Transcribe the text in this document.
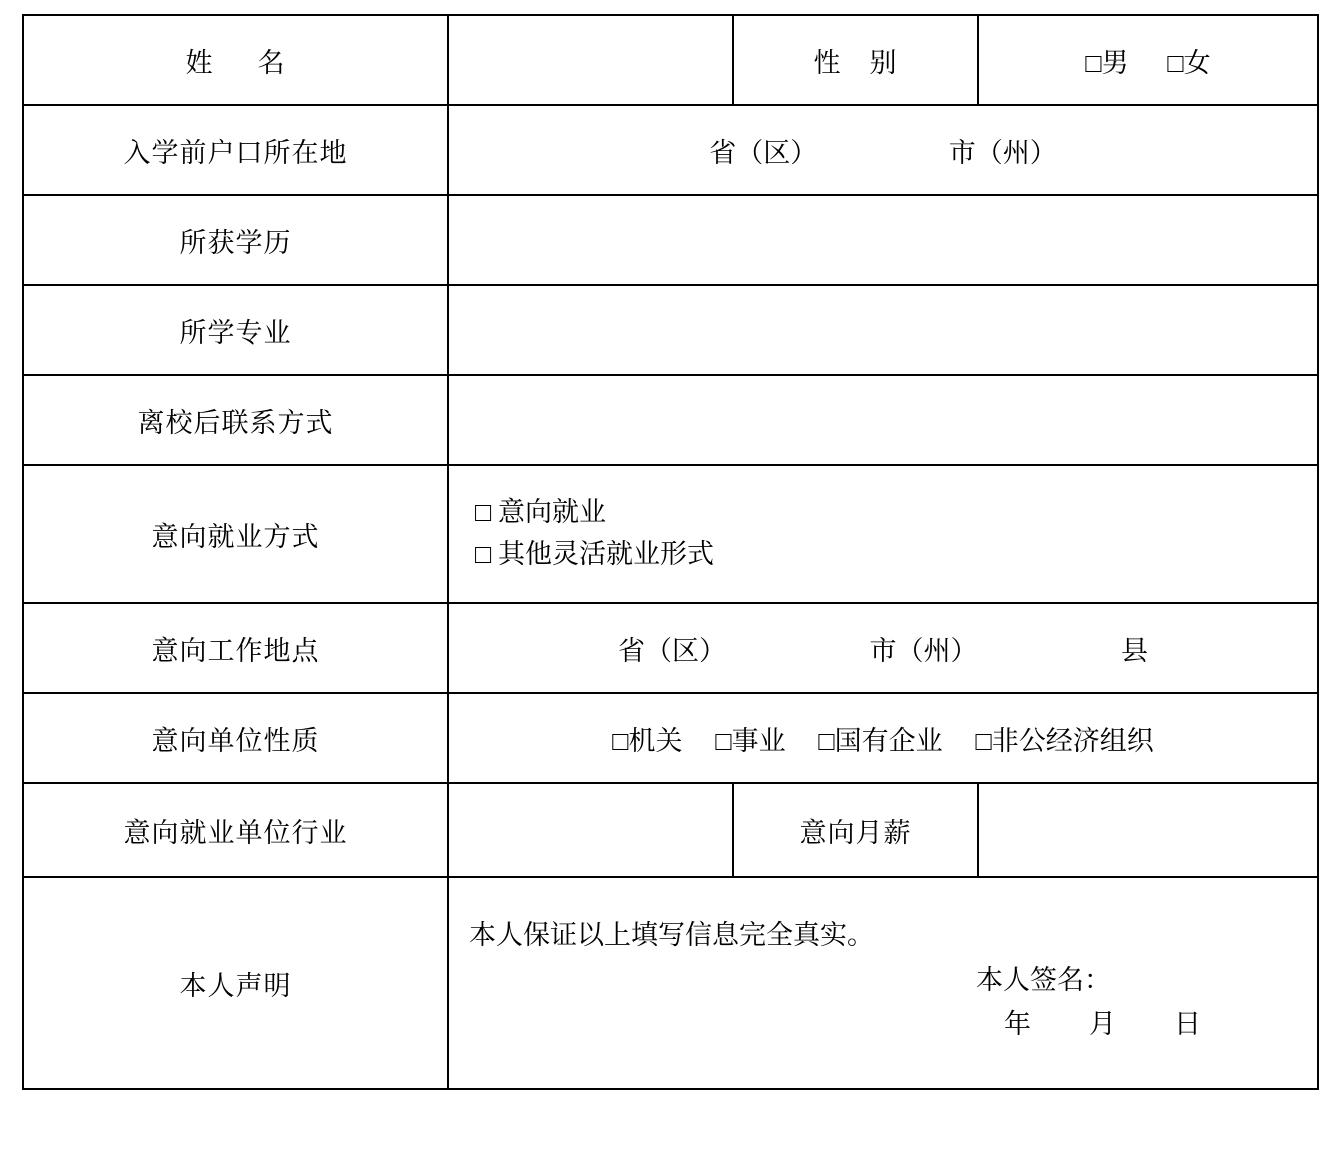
姓 名		性 别	□男 □女

入学前户口所在地	省（区） 市（州）		

所获学历			
所学专业			
离校后联系方式			
意向就业方式	□ 意向就业
□ 其他灵活就业形式		

意向工作地点	省（区） 市（州） 县		

意向单位性质	□机关 □事业 □国有企业 □非公经济组织		

意向就业单位行业		意向月薪	
本人声明	本人保证以上填写信息完全真实。
本人签名：
年 月 日		
